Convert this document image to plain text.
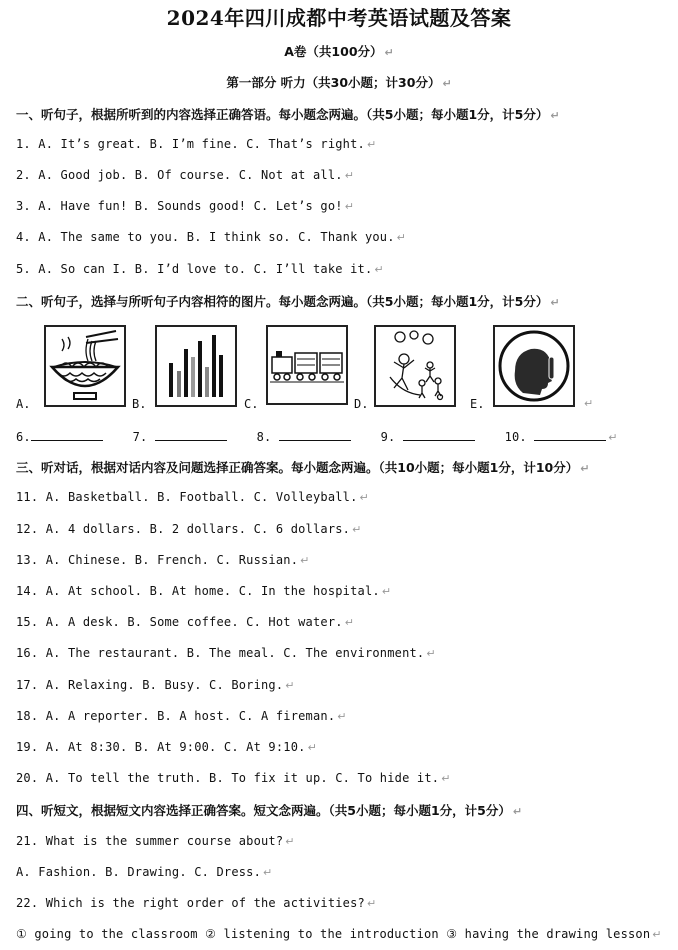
2024年四川成都中考英语试题及答案
A卷（共100分） ↵
第一部分 听力（共30小题；计30分） ↵
一、听句子，根据所听到的内容选择正确答语。每小题念两遍。（共5小题；每小题1分，计5分） ↵
1. A. It’s great. B. I’m fine. C. That’s right. ↵
2. A. Good job. B. Of course. C. Not at all. ↵
3. A. Have fun! B. Sounds good! C. Let’s go! ↵
4. A. The same to you. B. I think so. C. Thank you. ↵
5. A. So can I. B. I’d love to. C. I’ll take it. ↵
二、听句子，选择与所听句子内容相符的图片。每小题念两遍。（共5小题；每小题1分，计5分） ↵
A.	B.	C.	D.	E.	↵
6.	7.	8.	9.	10.	↵
三、听对话，根据对话内容及问题选择正确答案。每小题念两遍。（共10小题；每小题1分，计10分） ↵
11. A. Basketball. B. Football. C. Volleyball. ↵
12. A. 4 dollars. B. 2 dollars. C. 6 dollars. ↵
13. A. Chinese. B. French. C. Russian. ↵
14. A. At school. B. At home. C. In the hospital. ↵
15. A. A desk. B. Some coffee. C. Hot water. ↵
16. A. The restaurant. B. The meal. C. The environment. ↵
17. A. Relaxing. B. Busy. C. Boring. ↵
18. A. A reporter. B. A host. C. A fireman. ↵
19. A. At 8:30. B. At 9:00. C. At 9:10. ↵
20. A. To tell the truth. B. To fix it up. C. To hide it. ↵
四、听短文，根据短文内容选择正确答案。短文念两遍。（共5小题；每小题1分，计5分） ↵
21. What is the summer course about? ↵
A. Fashion. B. Drawing. C. Dress. ↵
22. Which is the right order of the activities? ↵
① going to the classroom ② listening to the introduction ③ having the drawing lesson ↵
